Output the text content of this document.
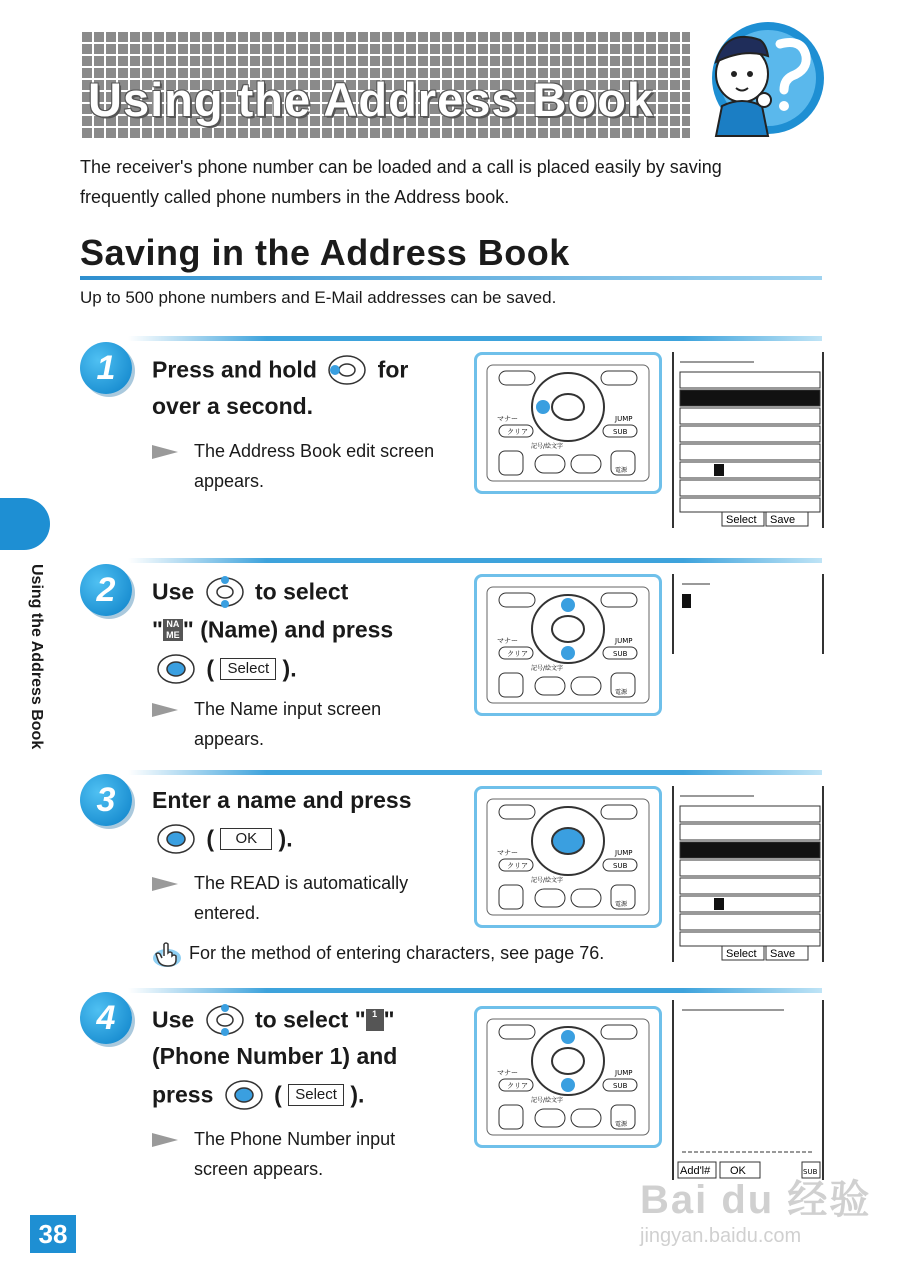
Using the Address Book
The receiver's phone number can be loaded and a call is placed easily by saving
frequently called phone numbers in the Address book.
Saving in the Address Book
Up to 500 phone numbers and E-Mail addresses can be saved.
Using the Address Book
1	Press and hold	for
over a second.
The Address Book edit screen
appears.
マナー	JUMP
クリア	SUB
記号/絵文字
電源
Select Save
2	Use	to select
" NA
ME " (Name) and press
( Select ).
The Name input screen
appears.
マナー	JUMP
クリア	SUB
記号/絵文字
電源
3	Enter a name and press
( OK ).
The READ is automatically
entered.
For the method of entering characters, see page 76.
マナー	JUMP
クリア	SUB
記号/絵文字
電源
Select Save
4	Use	to select " 1 "
(Phone Number 1) and
press	( Select ).
The Phone Number input
screen appears.
マナー	JUMP
クリア	SUB
記号/絵文字
電源
Add'l# OK	SUB
38
Bai du 经验
jingyan.baidu.com
